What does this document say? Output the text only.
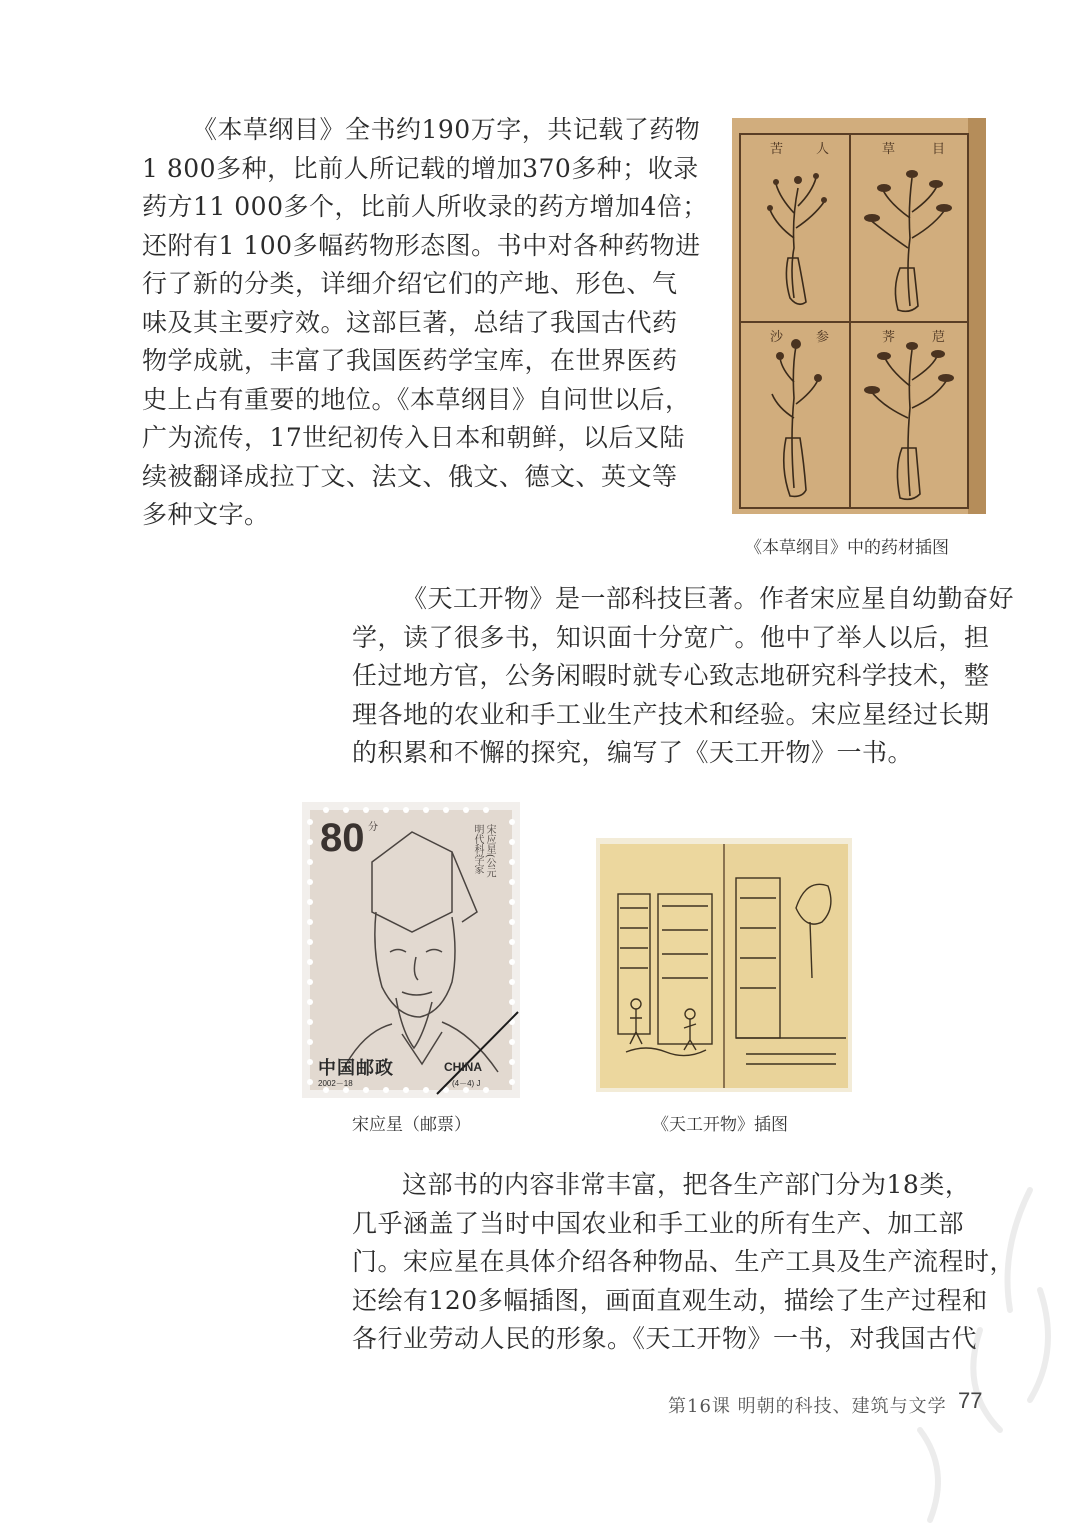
《本草纲目》全书约190万字，共记载了药物
1 800多种，比前人所记载的增加370多种；收录
药方11 000多个，比前人所收录的药方增加4倍；
还附有1 100多幅药物形态图。书中对各种药物进
行了新的分类，详细介绍它们的产地、形色、气
味及其主要疗效。这部巨著，总结了我国古代药
物学成就，丰富了我国医药学宝库，在世界医药
史上占有重要的地位。《本草纲目》自问世以后，
广为流传，17世纪初传入日本和朝鲜，以后又陆
续被翻译成拉丁文、法文、俄文、德文、英文等
多种文字。
苦	人	草	目
沙	参	荠	苨
《本草纲目》中的药材插图
《天工开物》是一部科技巨著。作者宋应星自幼勤奋好
学，读了很多书，知识面十分宽广。他中了举人以后，担
任过地方官，公务闲暇时就专心致志地研究科学技术，整
理各地的农业和手工业生产技术和经验。宋应星经过长期
的积累和不懈的探究，编写了《天工开物》一书。
80 分	宋应星(公元
明代科学家
中国邮政	CHINA
2002－18	(4－4) J
宋应星（邮票）	《天工开物》插图
这部书的内容非常丰富，把各生产部门分为18类，
几乎涵盖了当时中国农业和手工业的所有生产、加工部
门。宋应星在具体介绍各种物品、生产工具及生产流程时，
还绘有120多幅插图，画面直观生动，描绘了生产过程和
各行业劳动人民的形象。《天工开物》一书，对我国古代
第16课 明朝的科技、建筑与文学 77
